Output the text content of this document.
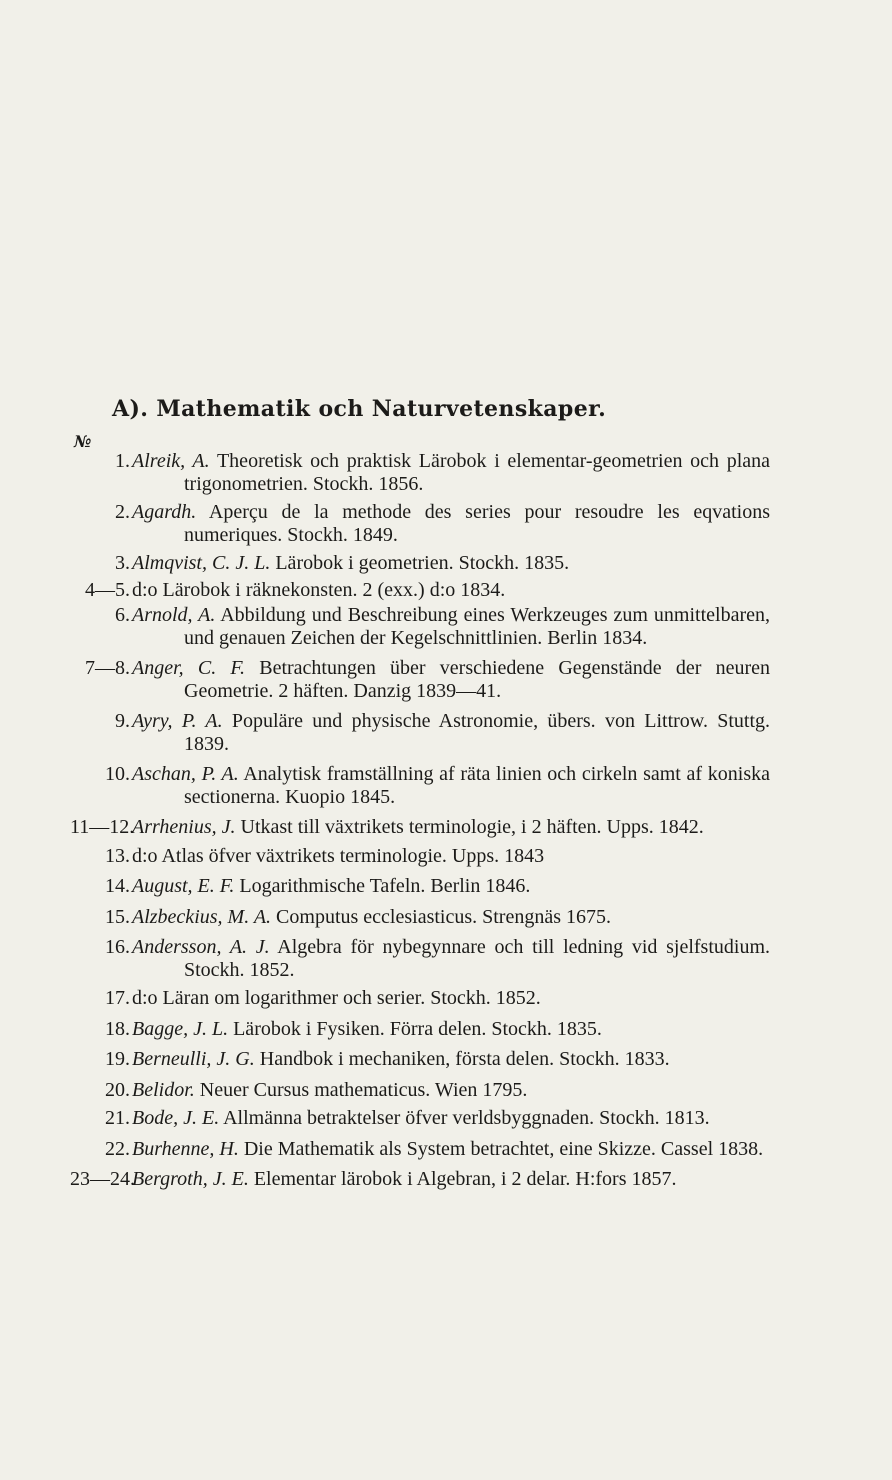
A). Mathematik och Naturvetenskaper.
№
1. Alreik, A. Theoretisk och praktisk Lärobok i elementar-geometrien och plana trigonometrien. Stockh. 1856.
2. Agardh. Aperçu de la methode des series pour resoudre les eqvations numeriques. Stockh. 1849.
3. Almqvist, C. J. L. Lärobok i geometrien. Stockh. 1835.
4—5. d:o Lärobok i räknekonsten. 2 (exx.) d:o 1834.
6. Arnold, A. Abbildung und Beschreibung eines Werkzeuges zum unmittelbaren, und genauen Zeichen der Kegelschnittlinien. Berlin 1834.
7—8. Anger, C. F. Betrachtungen über verschiedene Gegenstände der neuren Geometrie. 2 häften. Danzig 1839—41.
9. Ayry, P. A. Populäre und physische Astronomie, übers. von Littrow. Stuttg. 1839.
10. Aschan, P. A. Analytisk framställning af räta linien och cirkeln samt af koniska sectionerna. Kuopio 1845.
11—12.
Arrhenius, J. Utkast till växtrikets terminologie, i 2 häften. Upps. 1842.
13. d:o Atlas öfver växtrikets terminologie. Upps. 1843
14. August, E. F. Logarithmische Tafeln. Berlin 1846.
15. Alzbeckius, M. A. Computus ecclesiasticus. Strengnäs 1675.
16. Andersson, A. J. Algebra för nybegynnare och till ledning vid sjelfstudium. Stockh. 1852.
17. d:o Läran om logarithmer och serier. Stockh. 1852.
18. Bagge, J. L. Lärobok i Fysiken. Förra delen. Stockh. 1835.
19. Berneulli, J. G. Handbok i mechaniken, första delen. Stockh. 1833.
20. Belidor. Neuer Cursus mathematicus. Wien 1795.
21. Bode, J. E. Allmänna betraktelser öfver verldsbyggnaden. Stockh. 1813.
22. Burhenne, H. Die Mathematik als System betrachtet, eine Skizze. Cassel 1838.
23—24.
Bergroth, J. E. Elementar lärobok i Algebran, i 2 delar. H:fors 1857.
